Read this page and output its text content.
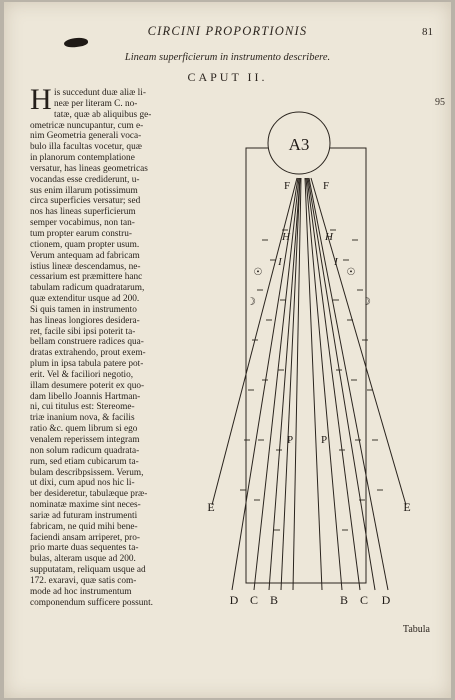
CIRCINI PROPORTIONIS	81
95
Lineam superficierum in instrumento describere.
CAPUT II.
H is succedunt duæ aliæ li-
neæ per literam C. no-
tatæ, quæ ab aliquibus ge-
ometricæ nuncupantur, cum e-
nim Geometria generali voca-
bulo illa facultas vocetur, quæ
in planorum contemplatione
versatur, has lineas geometricas
vocandas esse crediderunt, u-
sus enim illarum potissimum
circa superficies versatur; sed
nos has lineas superficierum
semper vocabimus, non tan-
tum propter earum constru-
ctionem, quam propter usum.
Verum antequam ad fabricam
istius lineæ descendamus, ne-
cessarium est præmittere hanc
tabulam radicum quadratarum,
quæ extenditur usque ad 200.
Si quis tamen in instrumento
has lineas longiores desidera-
ret, facile sibi ipsi poterit ta-
bellam construere radices qua-
dratas extrahendo, prout exem-
plum in ipsa tabula patere pot-
erit. Vel & faciliori negotio,
illam desumere poterit ex quo-
dam libello Joannis Hartman-
ni, cui titulus est: Stereome-
triæ inanium nova, & facilis
ratio &c. quem librum si ego
venalem reperissem integram
non solum radicum quadrata-
rum, sed etiam cubicarum ta-
bulam describpsissem. Verum,
ut dixi, cum apud nos hic li-
ber desideretur, tabulæque præ-
nominatæ maxime sint neces-
sariæ ad futuram instrumenti
fabricam, ne quid mihi bene-
faciendi ansam arriperet, pro-
prio marte duas sequentes ta-
bulas, alteram usque ad 200.
supputatam, reliquam usque ad
172. exaravi, quæ satis com-
mode ad hoc instrumentum
componendum sufficere possunt.

A3
F	F
H	H
I	I
☉	☉
☽	☽
P	P
E	E
D C B	B C D
Tabula
